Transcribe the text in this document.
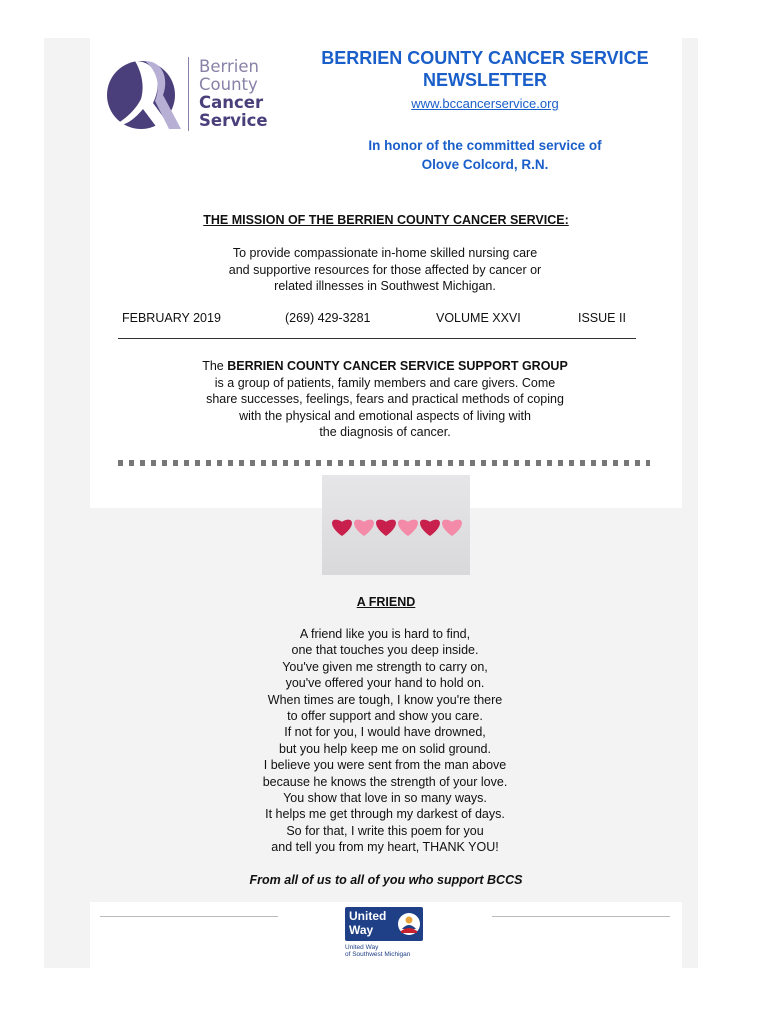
Berrien
County
Cancer
Service
BERRIEN COUNTY CANCER SERVICE
NEWSLETTER
www.bccancerservice.org
In honor of the committed service of
Olove Colcord, R.N.
THE MISSION OF THE BERRIEN COUNTY CANCER SERVICE:
To provide compassionate in-home skilled nursing care
and supportive resources for those affected by cancer or
related illnesses in Southwest Michigan.
FEBRUARY 2019	(269) 429-3281	VOLUME XXVI	ISSUE II
The BERRIEN COUNTY CANCER SERVICE SUPPORT GROUP
is a group of patients, family members and care givers. Come
share successes, feelings, fears and practical methods of coping
with the physical and emotional aspects of living with
the diagnosis of cancer.
A FRIEND
A friend like you is hard to find,
one that touches you deep inside.
You've given me strength to carry on,
you've offered your hand to hold on.
When times are tough, I know you're there
to offer support and show you care.
If not for you, I would have drowned,
but you help keep me on solid ground.
I believe you were sent from the man above
because he knows the strength of your love.
You show that love in so many ways.
It helps me get through my darkest of days.
So for that, I write this poem for you
and tell you from my heart, THANK YOU!
From all of us to all of you who support BCCS
United
Way
United Way
of Southwest Michigan
